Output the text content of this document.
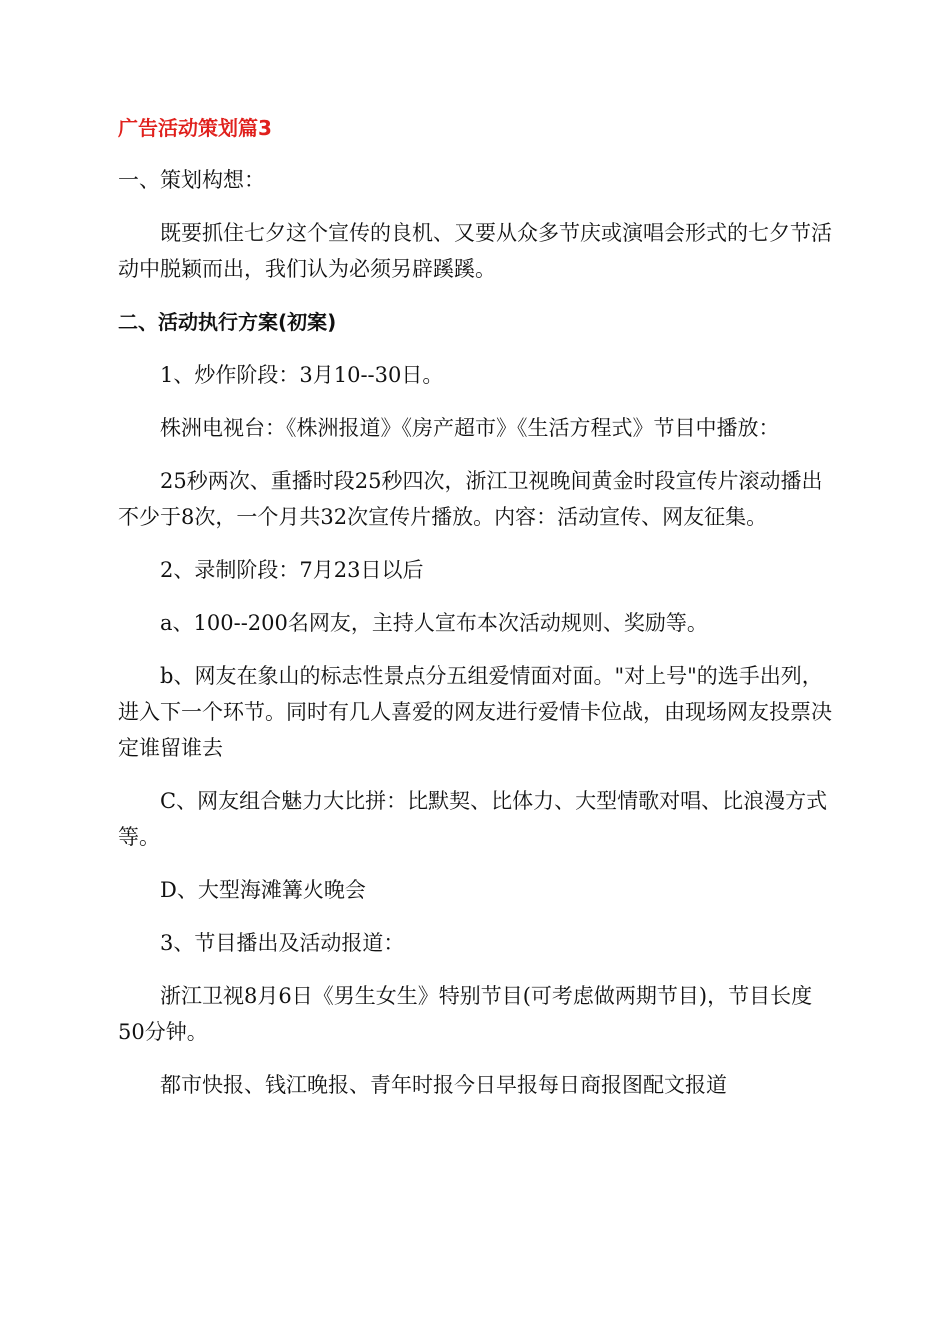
广告活动策划篇3
一、策划构想：
既要抓住七夕这个宣传的良机、又要从众多节庆或演唱会形式的七夕节活动中脱颖而出，我们认为必须另辟蹊蹊。
二、活动执行方案(初案)
1、炒作阶段：3月10--30日。
株洲电视台：《株洲报道》《房产超市》《生活方程式》节目中播放：
25秒两次、重播时段25秒四次，浙江卫视晚间黄金时段宣传片滚动播出不少于8次，一个月共32次宣传片播放。内容：活动宣传、网友征集。
2、录制阶段：7月23日以后
a、100--200名网友，主持人宣布本次活动规则、奖励等。
b、网友在象山的标志性景点分五组爱情面对面。"对上号"的选手出列，进入下一个环节。同时有几人喜爱的网友进行爱情卡位战，由现场网友投票决定谁留谁去
C、网友组合魅力大比拼：比默契、比体力、大型情歌对唱、比浪漫方式等。
D、大型海滩篝火晚会
3、节目播出及活动报道：
浙江卫视8月6日《男生女生》特别节目(可考虑做两期节目)，节目长度50分钟。
都市快报、钱江晚报、青年时报今日早报每日商报图配文报道
